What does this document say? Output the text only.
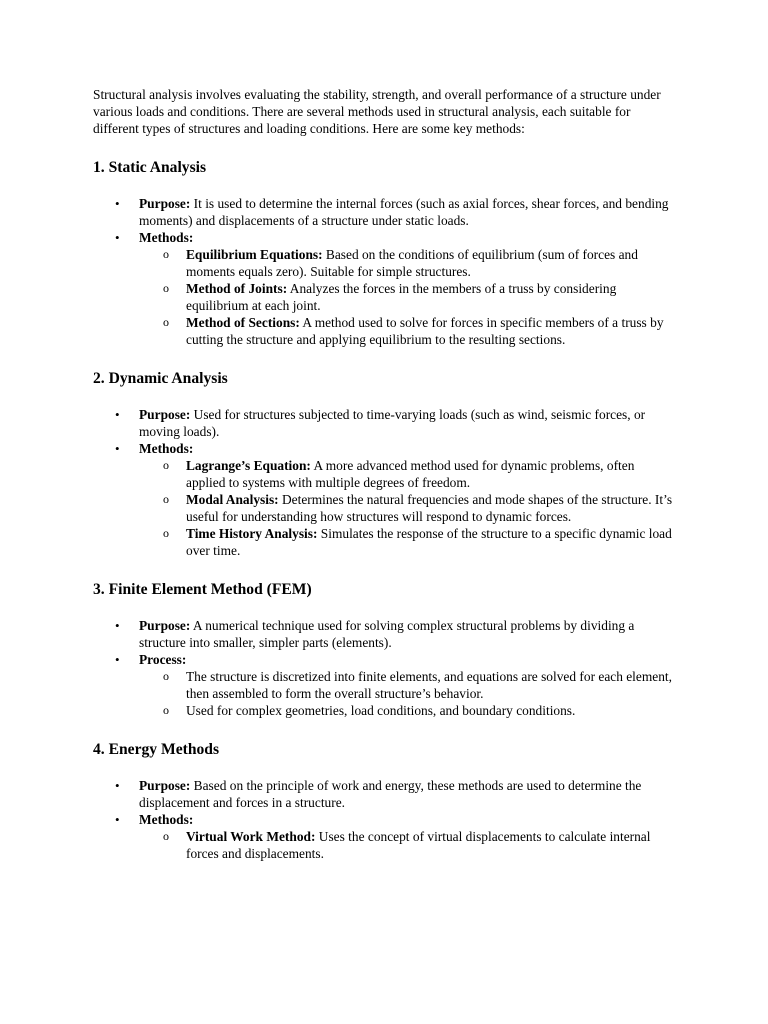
Structural analysis involves evaluating the stability, strength, and overall performance of a structure under various loads and conditions. There are several methods used in structural analysis, each suitable for different types of structures and loading conditions. Here are some key methods:

1. Static Analysis
• Purpose: It is used to determine the internal forces (such as axial forces, shear forces, and bending moments) and displacements of a structure under static loads.
• Methods:
o Equilibrium Equations: Based on the conditions of equilibrium (sum of forces and moments equals zero). Suitable for simple structures.
o Method of Joints: Analyzes the forces in the members of a truss by considering equilibrium at each joint.
o Method of Sections: A method used to solve for forces in specific members of a truss by cutting the structure and applying equilibrium to the resulting sections.
2. Dynamic Analysis
• Purpose: Used for structures subjected to time-varying loads (such as wind, seismic forces, or moving loads).
• Methods:
o Lagrange’s Equation: A more advanced method used for dynamic problems, often applied to systems with multiple degrees of freedom.
o Modal Analysis: Determines the natural frequencies and mode shapes of the structure. It’s useful for understanding how structures will respond to dynamic forces.
o Time History Analysis: Simulates the response of the structure to a specific dynamic load over time.
3. Finite Element Method (FEM)
• Purpose: A numerical technique used for solving complex structural problems by dividing a structure into smaller, simpler parts (elements).
• Process:
o The structure is discretized into finite elements, and equations are solved for each element, then assembled to form the overall structure’s behavior.
o Used for complex geometries, load conditions, and boundary conditions.
4. Energy Methods
• Purpose: Based on the principle of work and energy, these methods are used to determine the displacement and forces in a structure.
• Methods:
o Virtual Work Method: Uses the concept of virtual displacements to calculate internal forces and displacements.
